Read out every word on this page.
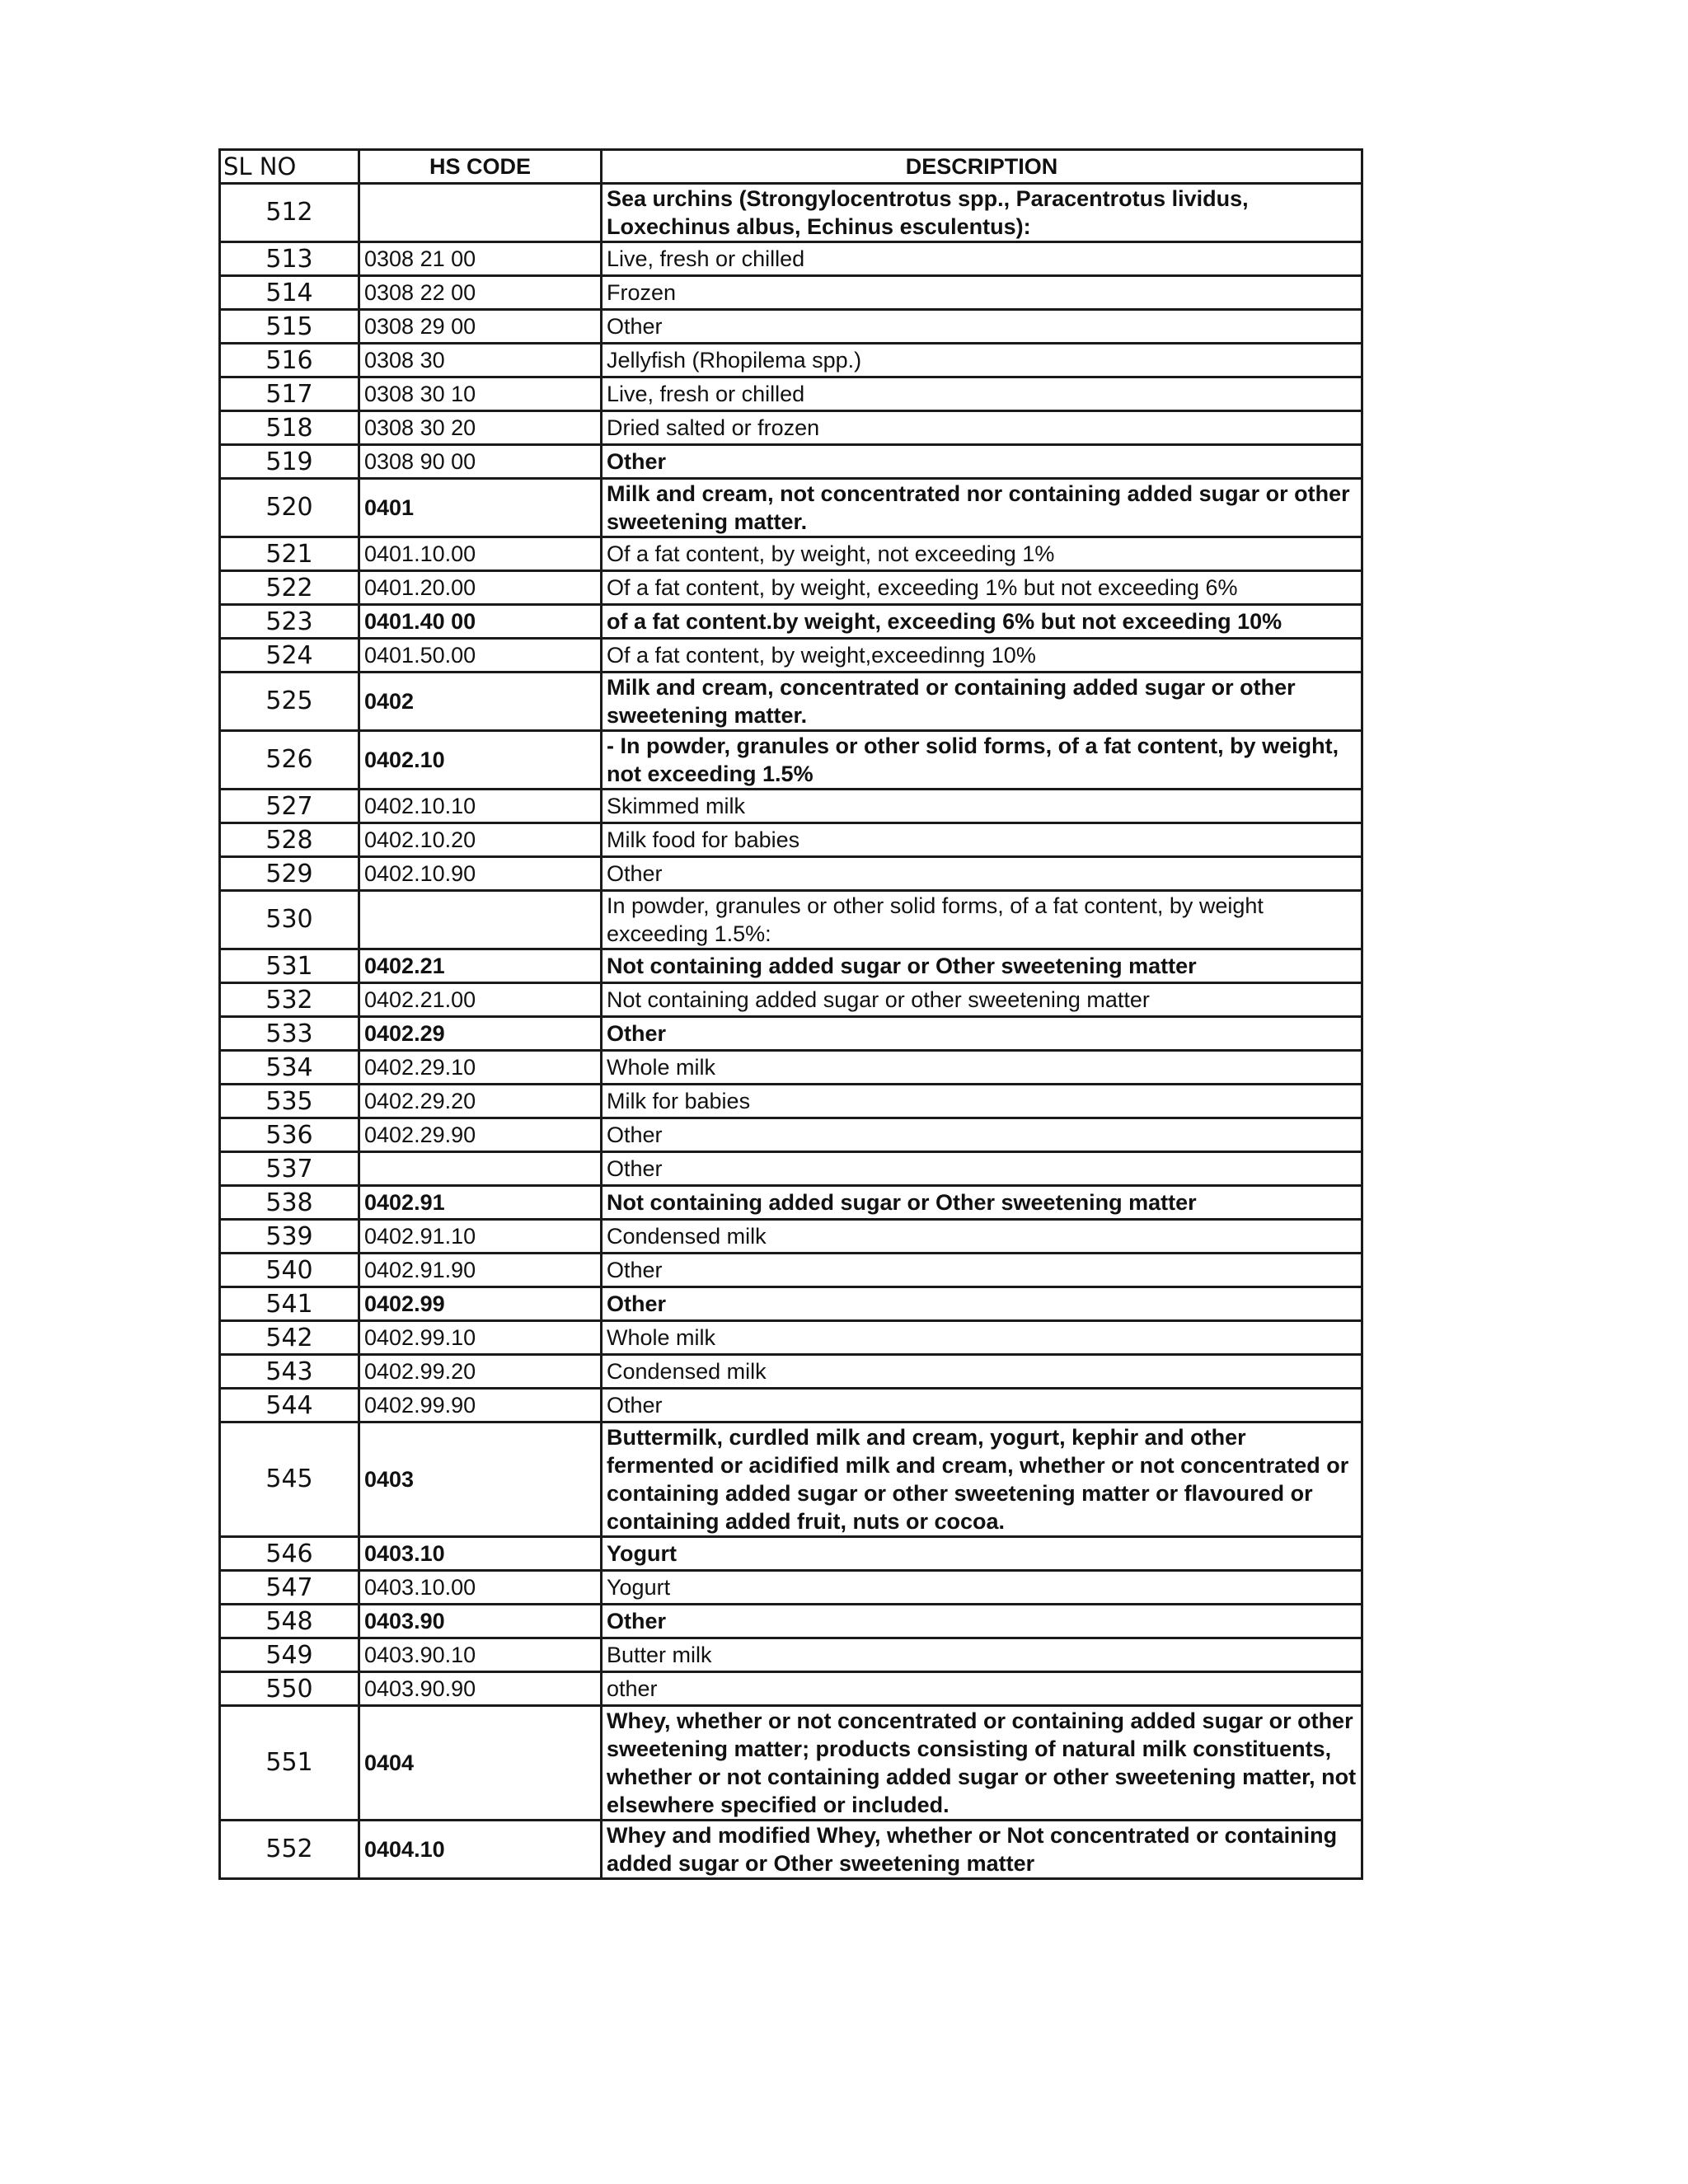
SL NO	HS CODE	DESCRIPTION
512		Sea urchins (Strongylocentrotus spp., Paracentrotus lividus, Loxechinus albus, Echinus esculentus):
513	0308 21 00	Live, fresh or chilled
514	0308 22 00	Frozen
515	0308 29 00	Other
516	0308 30	Jellyfish (Rhopilema spp.)
517	0308 30 10	Live, fresh or chilled
518	0308 30 20	Dried salted or frozen
519	0308 90 00	Other
520	0401	Milk and cream, not concentrated nor containing added sugar or other sweetening matter.
521	0401.10.00	Of a fat content, by weight, not exceeding 1%
522	0401.20.00	Of a fat content, by weight, exceeding 1% but not exceeding 6%
523	0401.40 00	of a fat content.by weight, exceeding 6% but not exceeding 10%
524	0401.50.00	Of a fat content, by weight,exceedinng 10%
525	0402	Milk and cream, concentrated or containing added sugar or other sweetening matter.
526	0402.10	- In powder, granules or other solid forms, of a fat content, by weight, not exceeding 1.5%
527	0402.10.10	Skimmed milk
528	0402.10.20	Milk food for babies
529	0402.10.90	Other
530		In powder, granules or other solid forms, of a fat content, by weight exceeding 1.5%:
531	0402.21	Not containing added sugar or Other sweetening matter
532	0402.21.00	Not containing added sugar or other sweetening matter
533	0402.29	Other
534	0402.29.10	Whole milk
535	0402.29.20	Milk for babies
536	0402.29.90	Other
537		Other
538	0402.91	Not containing added sugar or Other sweetening matter
539	0402.91.10	Condensed milk
540	0402.91.90	Other
541	0402.99	Other
542	0402.99.10	Whole milk
543	0402.99.20	Condensed milk
544	0402.99.90	Other
545	0403	Buttermilk, curdled milk and cream, yogurt, kephir and other fermented or acidified milk and cream, whether or not concentrated or containing added sugar or other sweetening matter or flavoured or containing added fruit, nuts or cocoa.
546	0403.10	Yogurt
547	0403.10.00	Yogurt
548	0403.90	Other
549	0403.90.10	Butter milk
550	0403.90.90	other
551	0404	Whey, whether or not concentrated or containing added sugar or other sweetening matter; products consisting of natural milk constituents, whether or not containing added sugar or other sweetening matter, not elsewhere specified or included.
552	0404.10	Whey and modified Whey, whether or Not concentrated or containing added sugar or Other sweetening matter
